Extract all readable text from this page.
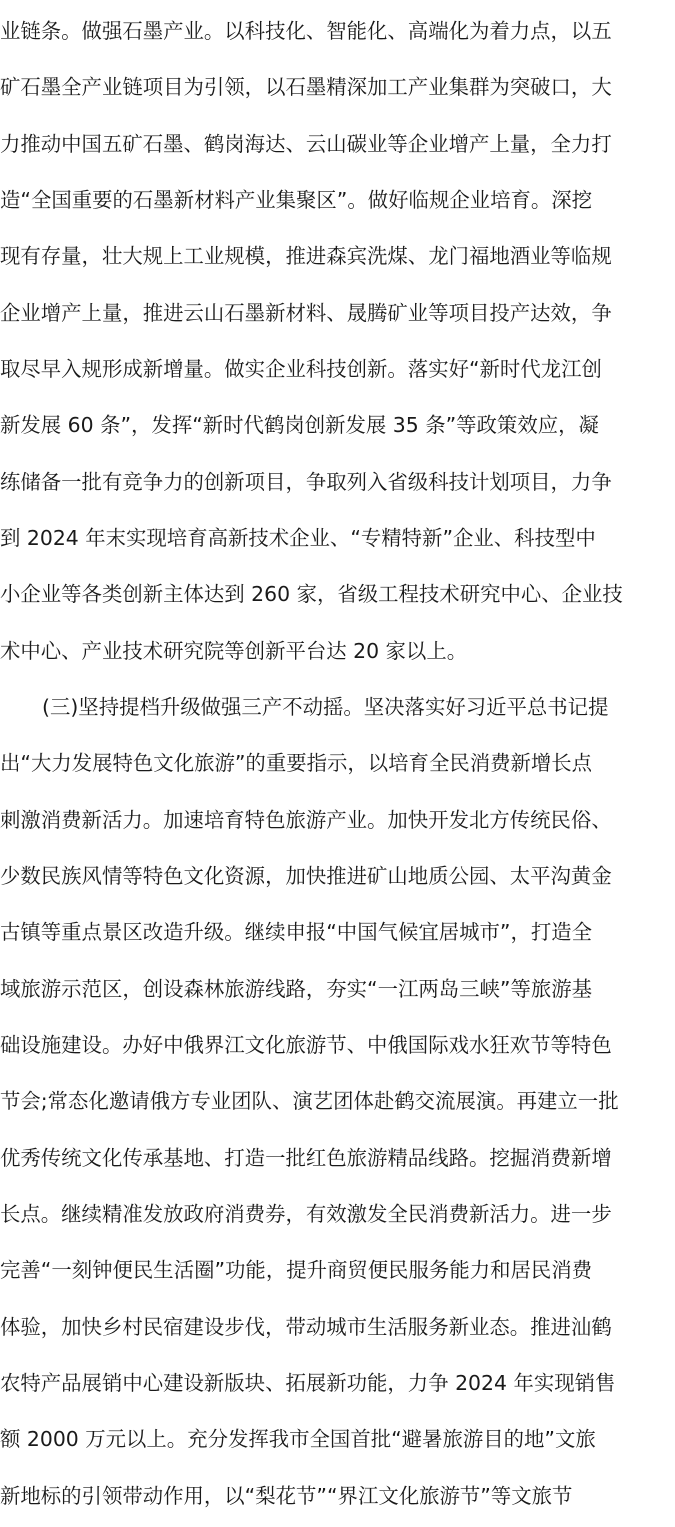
业链条。做强石墨产业。以科技化、智能化、高端化为着力点，以五
矿石墨全产业链项目为引领，以石墨精深加工产业集群为突破口，大
力推动中国五矿石墨、鹤岗海达、云山碳业等企业增产上量，全力打
造“全国重要的石墨新材料产业集聚区”。做好临规企业培育。深挖
现有存量，壮大规上工业规模，推进森宾洗煤、龙门福地酒业等临规
企业增产上量，推进云山石墨新材料、晟腾矿业等项目投产达效，争
取尽早入规形成新增量。做实企业科技创新。落实好“新时代龙江创
新发展 60 条”，发挥“新时代鹤岗创新发展 35 条”等政策效应，凝
练储备一批有竞争力的创新项目，争取列入省级科技计划项目，力争
到 2024 年末实现培育高新技术企业、“专精特新”企业、科技型中
小企业等各类创新主体达到 260 家，省级工程技术研究中心、企业技
术中心、产业技术研究院等创新平台达 20 家以上。
(三)坚持提档升级做强三产不动摇。坚决落实好习近平总书记提
出“大力发展特色文化旅游”的重要指示，以培育全民消费新增长点
刺激消费新活力。加速培育特色旅游产业。加快开发北方传统民俗、
少数民族风情等特色文化资源，加快推进矿山地质公园、太平沟黄金
古镇等重点景区改造升级。继续申报“中国气候宜居城市”，打造全
域旅游示范区，创设森林旅游线路，夯实“一江两岛三峡”等旅游基
础设施建设。办好中俄界江文化旅游节、中俄国际戏水狂欢节等特色
节会;常态化邀请俄方专业团队、演艺团体赴鹤交流展演。再建立一批
优秀传统文化传承基地、打造一批红色旅游精品线路。挖掘消费新增
长点。继续精准发放政府消费券，有效激发全民消费新活力。进一步
完善“一刻钟便民生活圈”功能，提升商贸便民服务能力和居民消费
体验，加快乡村民宿建设步伐，带动城市生活服务新业态。推进汕鹤
农特产品展销中心建设新版块、拓展新功能，力争 2024 年实现销售
额 2000 万元以上。充分发挥我市全国首批“避暑旅游目的地”文旅
新地标的引领带动作用，以“梨花节”“界江文化旅游节”等文旅节
